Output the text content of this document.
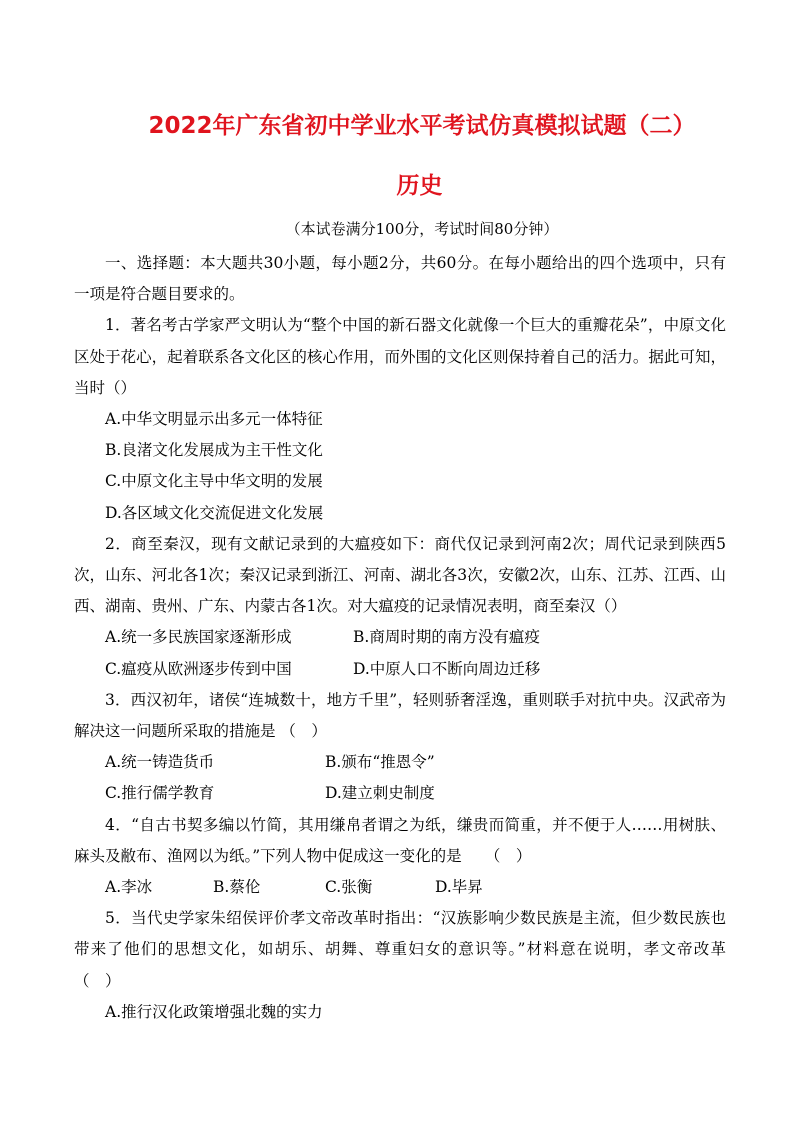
2022年广东省初中学业水平考试仿真模拟试题（二）
历史
（本试卷满分100分，考试时间80分钟）

一、选择题：本大题共30小题，每小题2分，共60分。在每小题给出的四个选项中，只有一项是符合题目要求的。

1．著名考古学家严文明认为“整个中国的新石器文化就像一个巨大的重瓣花朵”，中原文化区处于花心，起着联系各文化区的核心作用，而外围的文化区则保持着自己的活力。据此可知，当时（）

A.中华文明显示出多元一体特征

B.良渚文化发展成为主干性文化

C.中原文化主导中华文明的发展

D.各区域文化交流促进文化发展

2．商至秦汉，现有文献记录到的大瘟疫如下：商代仅记录到河南2次；周代记录到陕西5次，山东、河北各1次；秦汉记录到浙江、河南、湖北各3次，安徽2次，山东、江苏、江西、山西、湖南、贵州、广东、内蒙古各1次。对大瘟疫的记录情况表明，商至秦汉（）

A.统一多民族国家逐渐形成	B.商周时期的南方没有瘟疫
C.瘟疫从欧洲逐步传到中国	D.中原人口不断向周边迁移

3．西汉初年，诸侯“连城数十，地方千里”，轻则骄奢淫逸，重则联手对抗中央。汉武帝为解决这一问题所采取的措施是 （　）

A.统一铸造货币	B.颁布“推恩令”
C.推行儒学教育	D.建立刺史制度

4．“自古书契多编以竹简，其用缣帛者谓之为纸，缣贵而简重，并不便于人……用树肤、麻头及敝布、渔网以为纸。”下列人物中促成这一变化的是　　（　）

A.李冰	B.蔡伦	C.张衡	D.毕昇

5．当代史学家朱绍侯评价孝文帝改革时指出：“汉族影响少数民族是主流，但少数民族也带来了他们的思想文化，如胡乐、胡舞、尊重妇女的意识等。”材料意在说明，孝文帝改革　　　　（　）

A.推行汉化政策增强北魏的实力
